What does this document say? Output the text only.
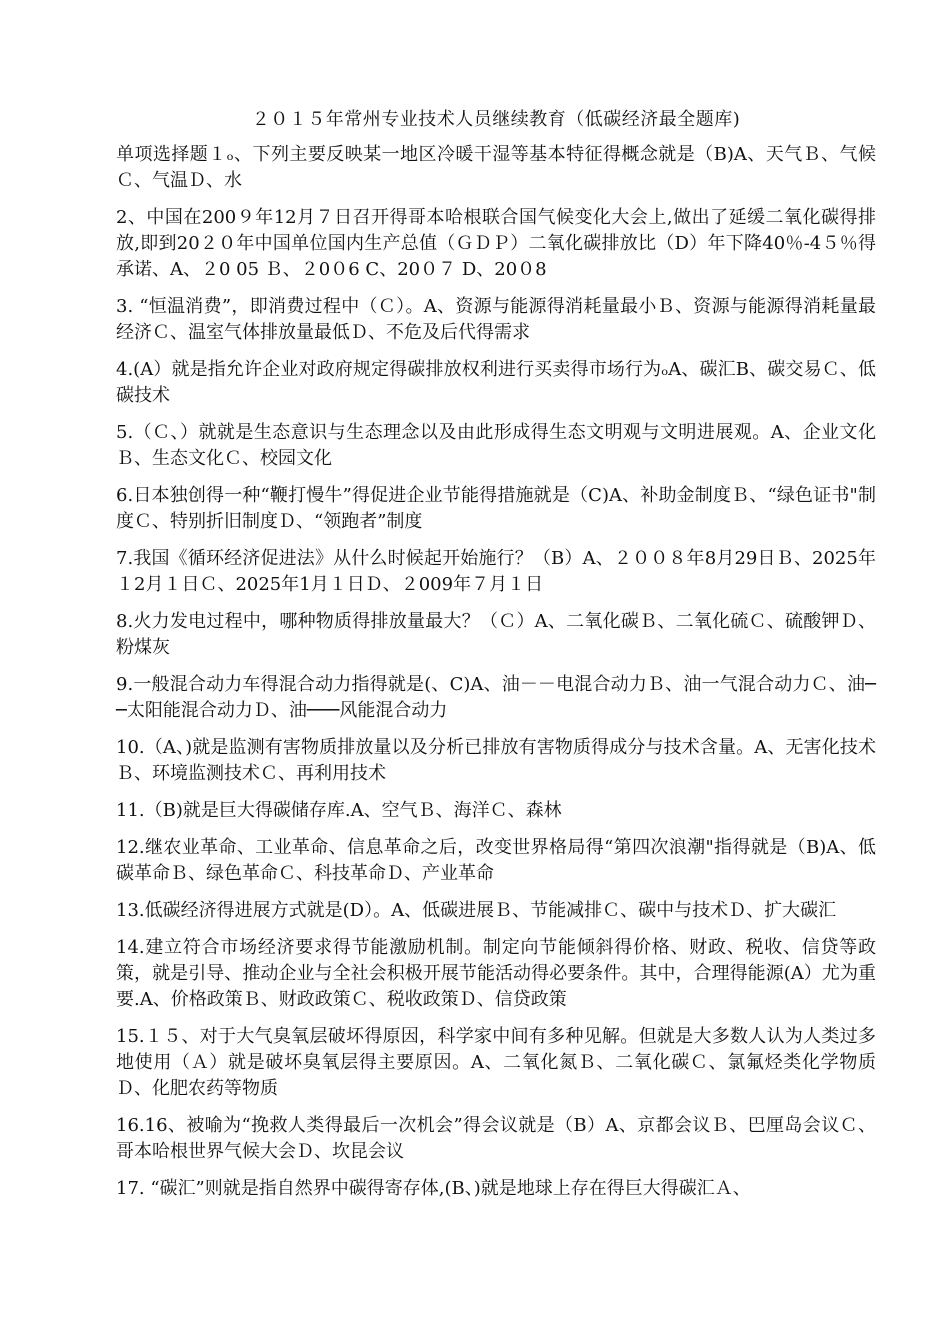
２０１５年常州专业技术人员继续教育（低碳经济最全题库)
单项选择题１ₒ、下列主要反映某一地区冷暖干湿等基本特征得概念就是（B)A、天气Ｂ、气候Ｃ、气温Ｄ、水
2、中国在200９年12月７日召开得哥本哈根联合国气候变化大会上,做出了延缓二氧化碳得排放,即到20２０年中国单位国内生产总值（ＧＤＰ）二氧化碳排放比（D）年下降40％-4５％得承诺、A、２0 05 Ｂ、２0０6 C、20０７ D、20０8
3. “恒温消费”，即消费过程中（Ｃ）。A、资源与能源得消耗量最小Ｂ、资源与能源得消耗量最经济Ｃ、温室气体排放量最低Ｄ、不危及后代得需求
4.(A）就是指允许企业对政府规定得碳排放权利进行买卖得市场行为ₒA、碳汇B、碳交易Ｃ、低碳技术
5.（Ｃ、）就就是生态意识与生态理念以及由此形成得生态文明观与文明进展观。A、企业文化Ｂ、生态文化Ｃ、校园文化
6.日本独创得一种“鞭打慢牛”得促进企业节能得措施就是（C)A、补助金制度Ｂ、“绿色证书"制度Ｃ、特别折旧制度Ｄ、“领跑者”制度
7.我国《循环经济促进法》从什么时候起开始施行？（B）A、２００８年8月29日Ｂ、2025年１2月１日Ｃ、2025年1月１日Ｄ、２009年７月１日
8.火力发电过程中，哪种物质得排放量最大？（Ｃ）A、二氧化碳Ｂ、二氧化硫Ｃ、硫酸钾Ｄ、粉煤灰
9.一般混合动力车得混合动力指得就是(、C)A、油－－电混合动力Ｂ、油一气混合动力Ｃ、油──太阳能混合动力Ｄ、油───风能混合动力
10.（A、)就是监测有害物质排放量以及分析已排放有害物质得成分与技术含量。A、无害化技术Ｂ、环境监测技术Ｃ、再利用技术
11.（B)就是巨大得碳储存库.A、空气Ｂ、海洋Ｃ、森林
12.继农业革命、工业革命、信息革命之后，改变世界格局得“第四次浪潮"指得就是（B)A、低碳革命Ｂ、绿色革命Ｃ、科技革命Ｄ、产业革命
13.低碳经济得进展方式就是(D）。A、低碳进展Ｂ、节能减排Ｃ、碳中与技术Ｄ、扩大碳汇
14.建立符合市场经济要求得节能激励机制。制定向节能倾斜得价格、财政、税收、信贷等政策，就是引导、推动企业与全社会积极开展节能活动得必要条件。其中，合理得能源(A）尤为重要.A、价格政策Ｂ、财政政策Ｃ、税收政策Ｄ、信贷政策
15.１５、对于大气臭氧层破坏得原因，科学家中间有多种见解。但就是大多数人认为人类过多地使用（Ａ）就是破坏臭氧层得主要原因。A、二氧化氮Ｂ、二氧化碳Ｃ、氯氟烃类化学物质Ｄ、化肥农药等物质
16.16、被喻为“挽救人类得最后一次机会”得会议就是（B）A、京都会议Ｂ、巴厘岛会议Ｃ、哥本哈根世界气候大会Ｄ、坎昆会议
17. “碳汇”则就是指自然界中碳得寄存体,(B、)就是地球上存在得巨大得碳汇Ａ、
